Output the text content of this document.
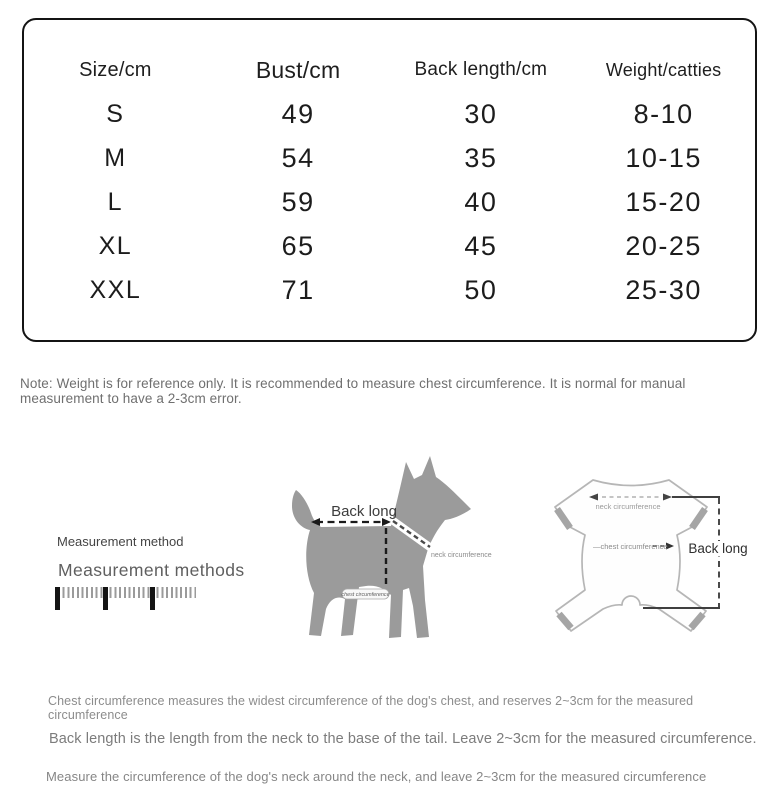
Size/cm	Bust/cm	Back length/cm	Weight/catties
S	49	30	8-10
M	54	35	10-15
L	59	40	15-20
XL	65	45	20-25
XXL	71	50	25-30
Note: Weight is for reference only. It is recommended to measure chest circumference. It is normal for manual measurement to have a 2-3cm error.
Measurement method
Measurement methods
Back long
neck circumference
chest circumference
neck circumference
—chest circumference Back long
Chest circumference measures the widest circumference of the dog's chest, and reserves 2~3cm for the measured circumference
Back length is the length from the neck to the base of the tail. Leave 2~3cm for the measured circumference.
Measure the circumference of the dog's neck around the neck, and leave 2~3cm for the measured circumference
